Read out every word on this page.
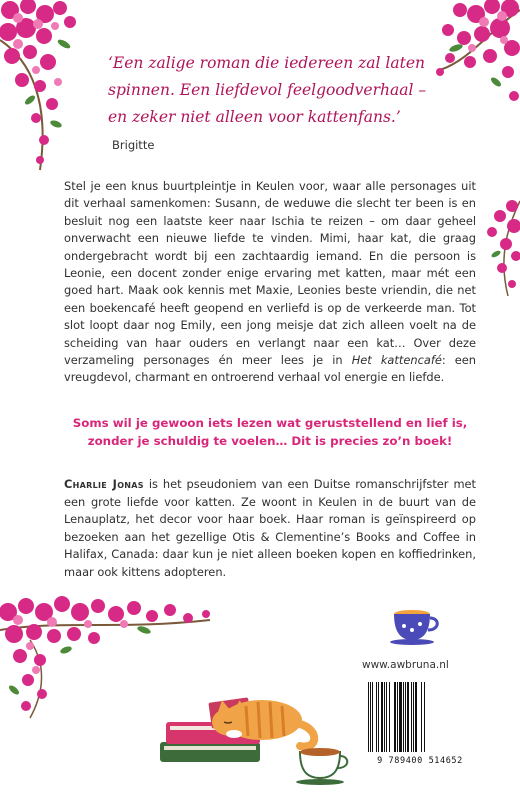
‘Een zalige roman die iedereen zal laten spinnen. Een liefdevol feelgoodverhaal – en zeker niet alleen voor kattenfans.’ Brigitte
Stel je een knus buurtpleintje in Keulen voor, waar alle personages uit dit verhaal samenkomen: Susann, de weduwe die slecht ter been is en besluit nog een laatste keer naar Ischia te reizen – om daar geheel onverwacht een nieuwe liefde te vinden. Mimi, haar kat, die graag ondergebracht wordt bij een zachtaardig iemand. En die persoon is Leonie, een docent zonder enige ervaring met katten, maar mét een goed hart. Maak ook kennis met Maxie, Leonies beste vriendin, die net een boekencafé heeft geopend en verliefd is op de verkeerde man. Tot slot loopt daar nog Emily, een jong meisje dat zich alleen voelt na de scheiding van haar ouders en verlangt naar een kat… Over deze verzameling personages én meer lees je in Het kattencafé: een vreugdevol, charmant en ontroerend verhaal vol energie en liefde.
Soms wil je gewoon iets lezen wat geruststellend en lief is, zonder je schuldig te voelen… Dit is precies zo’n boek!
Charlie Jonas is het pseudoniem van een Duitse romanschrijfster met een grote liefde voor katten. Ze woont in Keulen in de buurt van de Lenauplatz, het decor voor haar boek. Haar roman is geïnspireerd op bezoeken aan het gezellige Otis & Clementine’s Books and Coffee in Halifax, Canada: daar kun je niet alleen boeken kopen en koffiedrinken, maar ook kittens adopteren.
www.awbruna.nl
9 789400 514652
